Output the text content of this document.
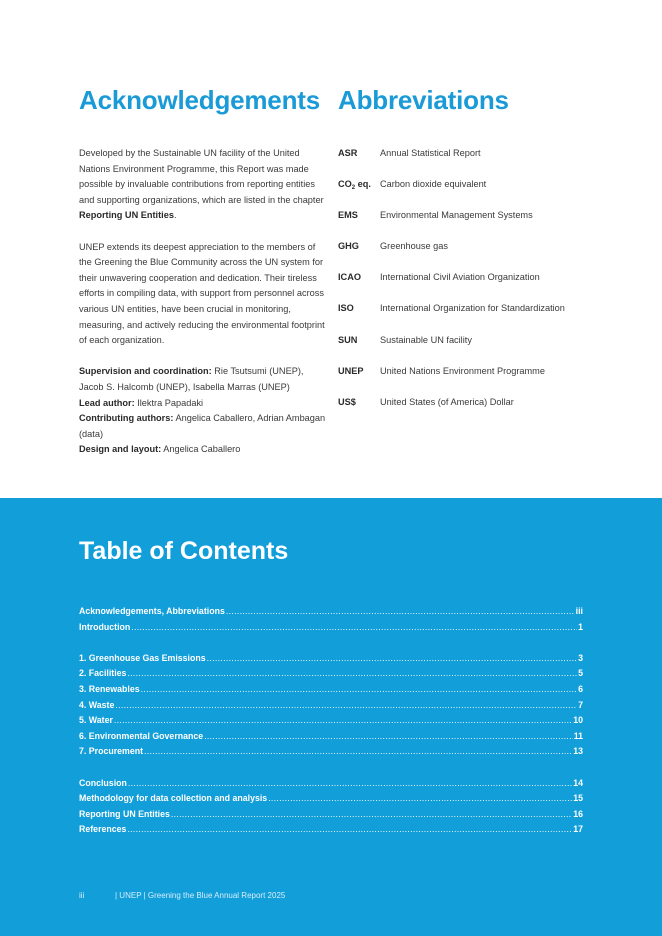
Acknowledgements

Developed by the Sustainable UN facility of the United Nations Environment Programme, this Report was made possible by invaluable contributions from reporting entities and supporting organizations, which are listed in the chapter Reporting UN Entities.

UNEP extends its deepest appreciation to the members of the Greening the Blue Community across the UN system for their unwavering cooperation and dedication. Their tireless efforts in compiling data, with support from personnel across various UN entities, have been crucial in monitoring, measuring, and actively reducing the environmental footprint of each organization.

Supervision and coordination: Rie Tsutsumi (UNEP), Jacob S. Halcomb (UNEP), Isabella Marras (UNEP)
Lead author: Ilektra Papadaki
Contributing authors: Angelica Caballero, Adrian Ambagan (data)
Design and layout: Angelica Caballero
Abbreviations
ASR	Annual Statistical Report
$CO_2$ eq. Carbon dioxide equivalent
EMS	Environmental Management Systems
GHG	Greenhouse gas
ICAO	International Civil Aviation Organization
ISO	International Organization for Standardization
SUN	Sustainable UN facility
UNEP	United Nations Environment Programme
US$	United States (of America) Dollar
Table of Contents
Acknowledgements, Abbreviations .....	iii
Introduction .....	1
1. Greenhouse Gas Emissions .....	3
2. Facilities .....	5
3. Renewables .....	6
4. Waste .....	7
5. Water .....	10
6. Environmental Governance .....	11
7. Procurement .....	13
Conclusion .....	14
Methodology for data collection and analysis .....	15
Reporting UN Entities .....	16
References .....	17
iii	| UNEP | Greening the Blue Annual Report 2025
